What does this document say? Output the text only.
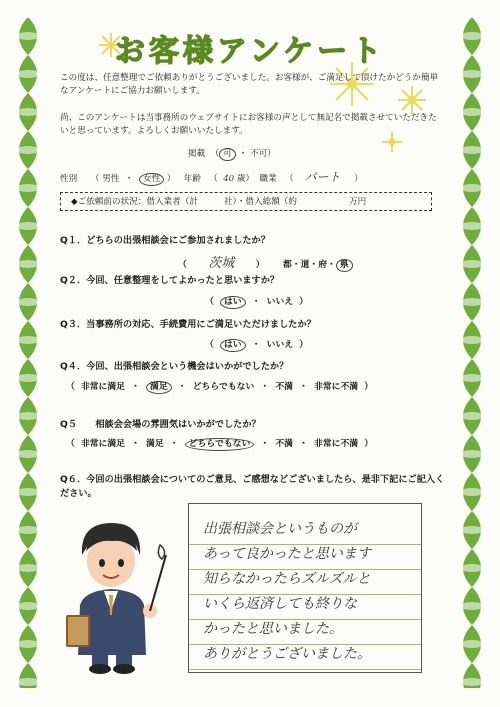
お客様アンケート
この度は、任意整理でご依頼ありがとうございました。お客様が、ご満足して頂けたかどうか簡単なアンケートにご協力お願いします。
尚、このアンケートは当事務所のウェブサイトにお客様の声として無記名で掲載させていただきたいと思っています。よろしくお願いいたします。
掲載 （ 可 ・ 不可）
性別 （ 男性 ・ 女性 ） 年齢 （ 40 歳） 職業 （ パート ）
◆ご依頼前の状況：借入業者（計	社）・借入総額（約	万円
Q１．どちらの出張相談会にご参加されましたか？
（ 茨城 ） 都・道・府・ 県
Q２．今回、任意整理をしてよかったと思いますか？
（ はい ・ いいえ ）
Q３．当事務所の対応、手続費用にご満足いただけましたか？
（ はい ・ いいえ ）
Q４．今回、出張相談会という機会はいかがでしたか？
（ 非常に満足 ・ 満足 ・ どちらでもない ・ 不満 ・ 非常に不満 ）
Q５　　相談会会場の雰囲気はいかがでしたか？
（ 非常に満足 ・ 満足 ・ どちらでもない ・ 不満 ・ 非常に不満 ）
Q６．今回の出張相談会についてのご意見、ご感想などございましたら、是非下記にご記入ください。
出張相談会というものが
あって良かったと思います
知らなかったらズルズルと
いくら返済しても終りな
かったと思いました。
ありがとうございました。
